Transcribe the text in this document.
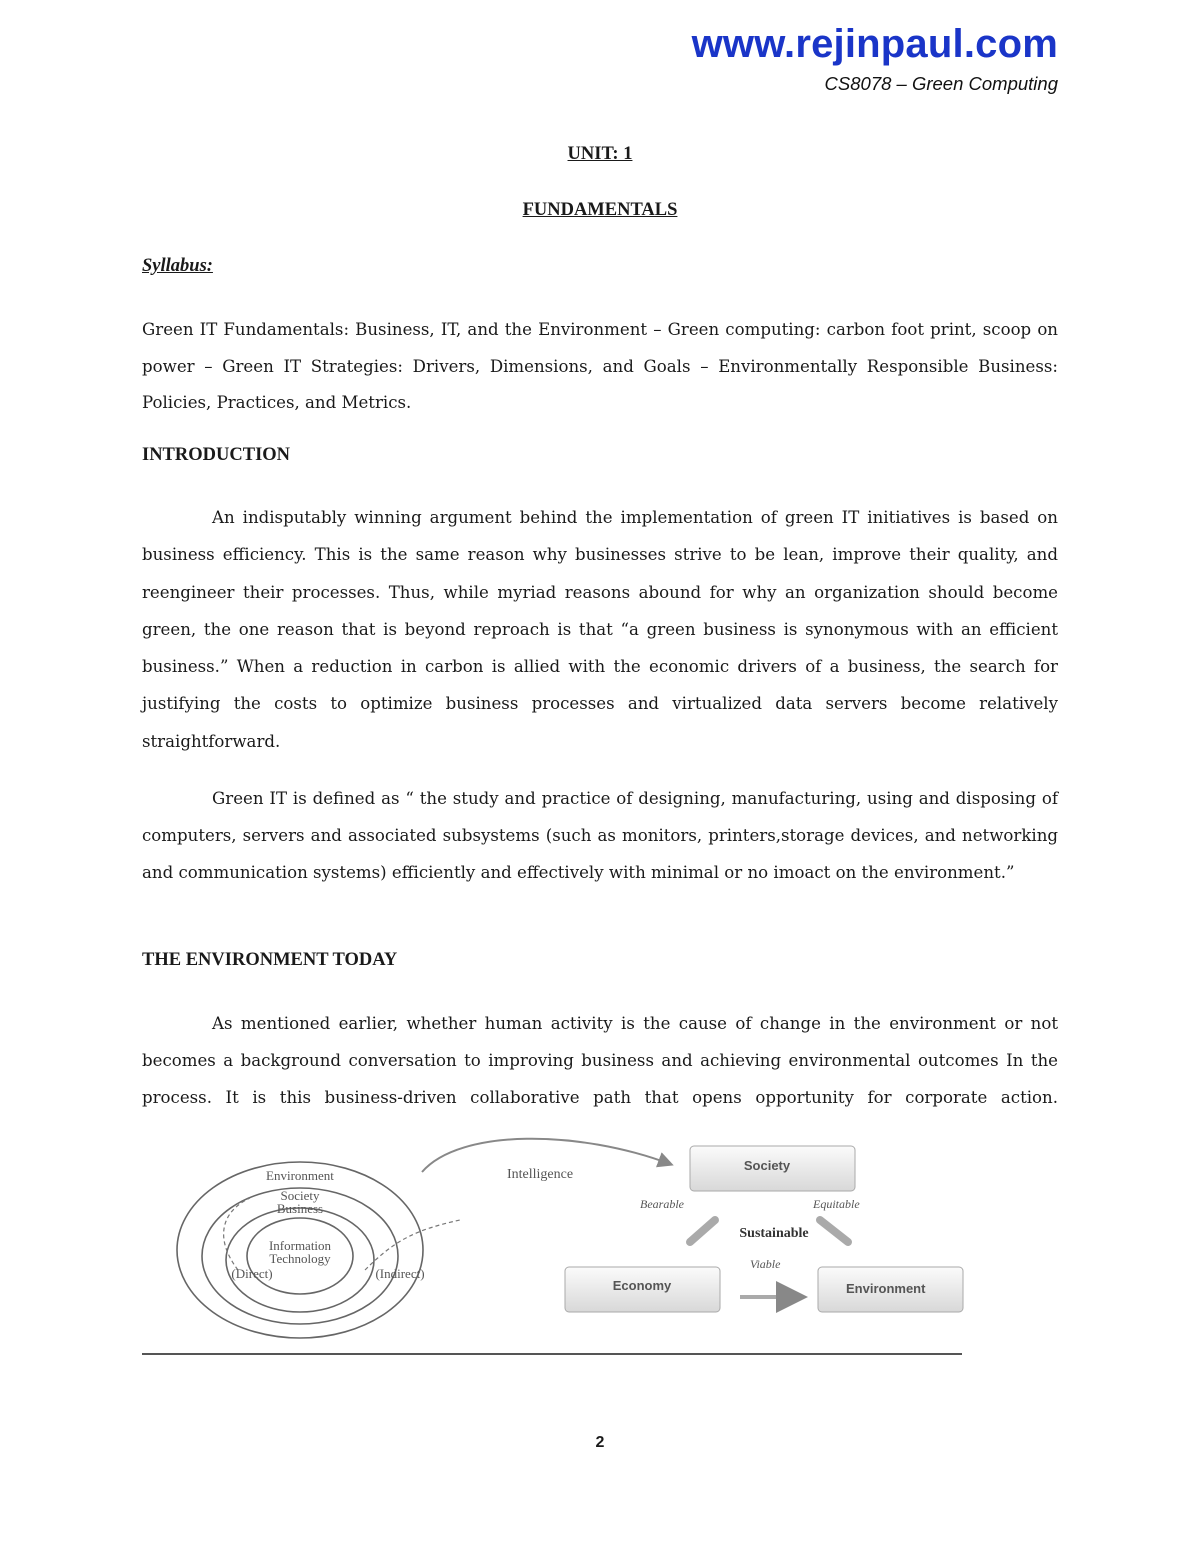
www.rejinpaul.com

CS8078 – Green Computing

UNIT: 1

FUNDAMENTALS

Syllabus:

Green IT Fundamentals: Business, IT, and the Environment – Green computing: carbon foot print, scoop on power – Green IT Strategies: Drivers, Dimensions, and Goals – Environmentally Responsible Business: Policies, Practices, and Metrics.

INTRODUCTION

An indisputably winning argument behind the implementation of green IT initiatives is based on business efficiency. This is the same reason why businesses strive to be lean, improve their quality, and reengineer their processes. Thus, while myriad reasons abound for why an organization should become green, the one reason that is beyond reproach is that “a green business is synonymous with an efficient business.” When a reduction in carbon is allied with the economic drivers of a business, the search for justifying the costs to optimize business processes and virtualized data servers become relatively straightforward.

Green IT is defined as “ the study and practice of designing, manufacturing, using and disposing of computers, servers and associated subsystems (such as monitors, printers,storage devices, and networking and communication systems) efficiently and effectively with minimal or no imoact on the environment.”

THE ENVIRONMENT TODAY

As mentioned earlier, whether human activity is the cause of change in the environment or not becomes a background conversation to improving business and achieving environmental outcomes In the process. It is this business-driven collaborative path that opens opportunity for corporate action.

Environment
Society
Business
Information
Technology
(Direct)	(Indirect)
Intelligence
Society
Economy	Environment
Bearable	Equitable
Sustainable
Viable

2
